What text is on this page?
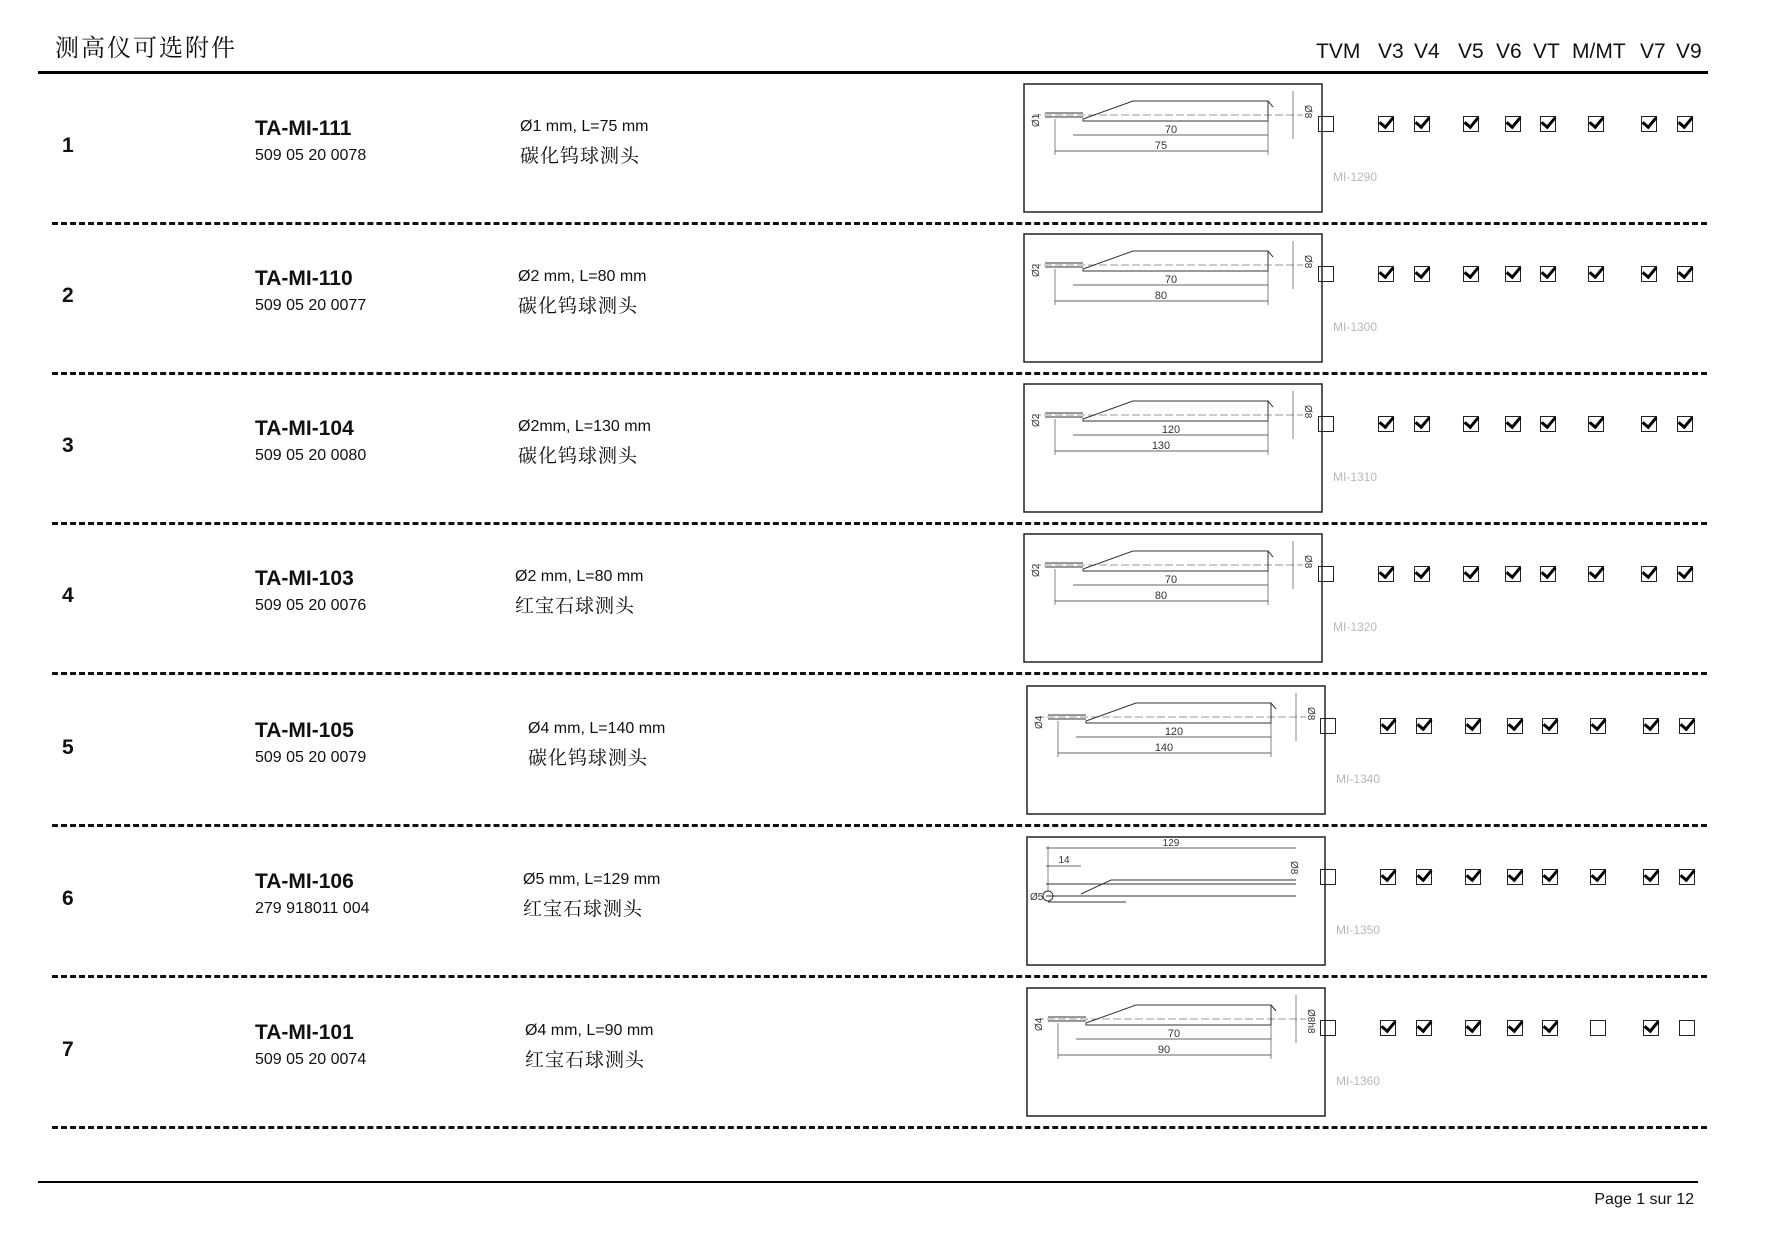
测高仪可选附件	TVM V3 V4 V5 V6 VT M/MT V7 V9
1
TA-MI-111
509 05 20 0078
Ø1 mm, L=75 mm
碳化钨球测头
70
75
Ø1
Ø8
MI-1290
2
TA-MI-110
509 05 20 0077
Ø2 mm, L=80 mm
碳化钨球测头
70
80
Ø2
Ø8
MI-1300
3
TA-MI-104
509 05 20 0080
Ø2mm, L=130 mm
碳化钨球测头
120
130
Ø2
Ø8
MI-1310
4
TA-MI-103
509 05 20 0076
Ø2 mm, L=80 mm
红宝石球测头
70
80
Ø2
Ø8
MI-1320
5
TA-MI-105
509 05 20 0079
Ø4 mm, L=140 mm
碳化钨球测头
120
140
Ø4
Ø8
MI-1340
6
TA-MI-106
279 918011 004
Ø5 mm, L=129 mm
红宝石球测头
129
14
Ø5
Ø8
MI-1350
7
TA-MI-101
509 05 20 0074
Ø4 mm, L=90 mm
红宝石球测头
70
90
Ø4	Ø8h8
MI-1360
Page 1 sur 12
